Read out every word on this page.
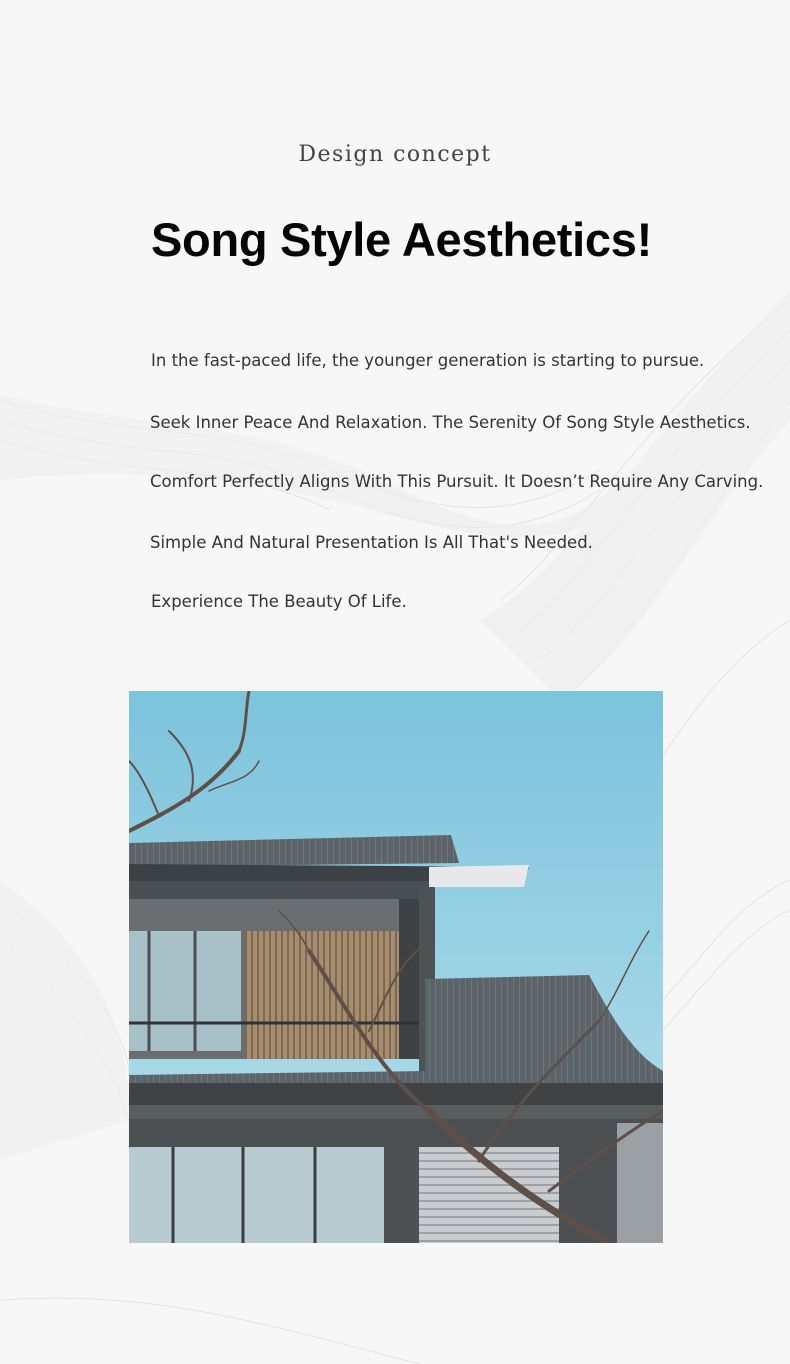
Design concept
Song Style Aesthetics!
In the fast-paced life, the younger generation is starting to pursue.
Seek Inner Peace And Relaxation. The Serenity Of Song Style Aesthetics.
Comfort Perfectly Aligns With This Pursuit. It Doesn’t Require Any Carving.
Simple And Natural Presentation Is All That's Needed.
Experience The Beauty Of Life.
